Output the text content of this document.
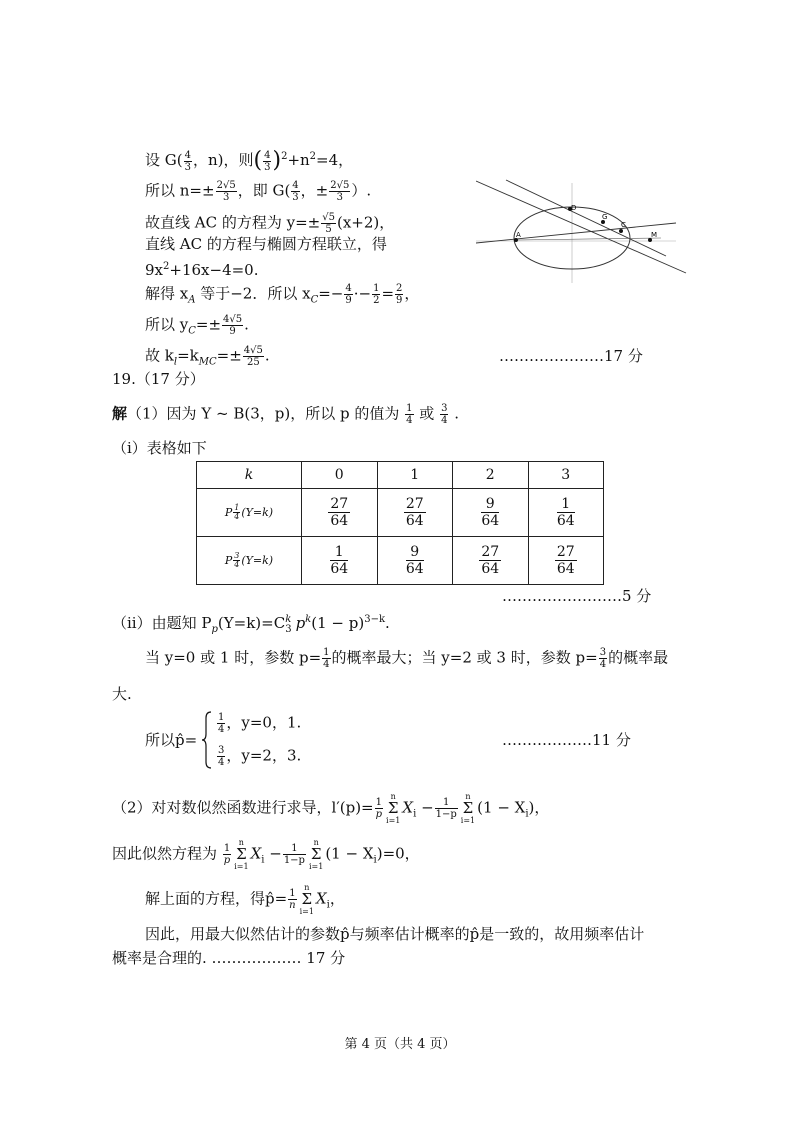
设 $G( \frac{4}{3}$ ，n)，则( $\frac{4}{3} )^2+n^2=4$，
所以 $n=\pm \frac{2√5}{3}$ ，即 $G( \frac{4}{3}$ ，± $\frac{2√5}{3}$ ）.
故直线 AC 的方程为 $y=\pm \frac{√5}{5} (x+2)$，
直线 AC 的方程与椭圆方程联立，得
$9x^2+16x-4=0$.
解得 $x_A$ 等于−2．所以 $x_C=- \frac{4}{9} \cdot- \frac{1}{2} = \frac{2}{9}$ ，
所以 $y_C=\pm \frac{4√5}{9}$ .
故 $k_l=k_{MC}=\pm \frac{4√5}{25}$ .	…………………17 分
A
D
G
C
M
19.（17 分）
解（1）因为 Y ~ B(3，p)，所以 p 的值为 $\frac{1}{4}$ 或 $\frac{3}{4}$ .
（i）表格如下
k	0	1	2	3
P $\frac{1}{4} (Y=k)$	$\frac{27}{64}$	$\frac{27}{64}$	$\frac{9}{64}$	$\frac{1}{64}$

P $\frac{3}{4} (Y=k)$	$\frac{1}{64}$	$\frac{9}{64}$	$\frac{27}{64}$	$\frac{27}{64}$
……………………5 分
（ii）由题知 $P_p(Y=k)=C$ $_{k 3}$ $p^k(1 - p)^{3-k}$.
当 y=0 或 1 时，参数 $p= \frac{1}{4}$ 的概率最大；当 y=2 或 3 时，参数 $p= \frac{3}{4}$ 的概率最
大.
所以p̂=
$\frac{1}{4}$ ，y=0，1.
$\frac{3}{4}$ ，y=2，3.
………………11 分
（2）对对数似然函数进行求导，$l'(p)= \frac{1}{p}$
n
Σ
i=1
$X_i - \frac{1}{1-p}$
n
Σ
i=1
$(1 - X_i)$，
因此似然方程为 $\frac{1}{p}$
n
Σ
i=1
$X_i - \frac{1}{1-p}$
n
Σ
i=1
$(1 - X_i)=0$，
解上面的方程，得p̂= $\frac{1}{n}$
n
Σ
i=1
$X_i$，
因此，用最大似然估计的参数p̂与频率估计概率的p̂是一致的，故用频率估计
概率是合理的. ……………… 17 分
第 4 页（共 4 页）
